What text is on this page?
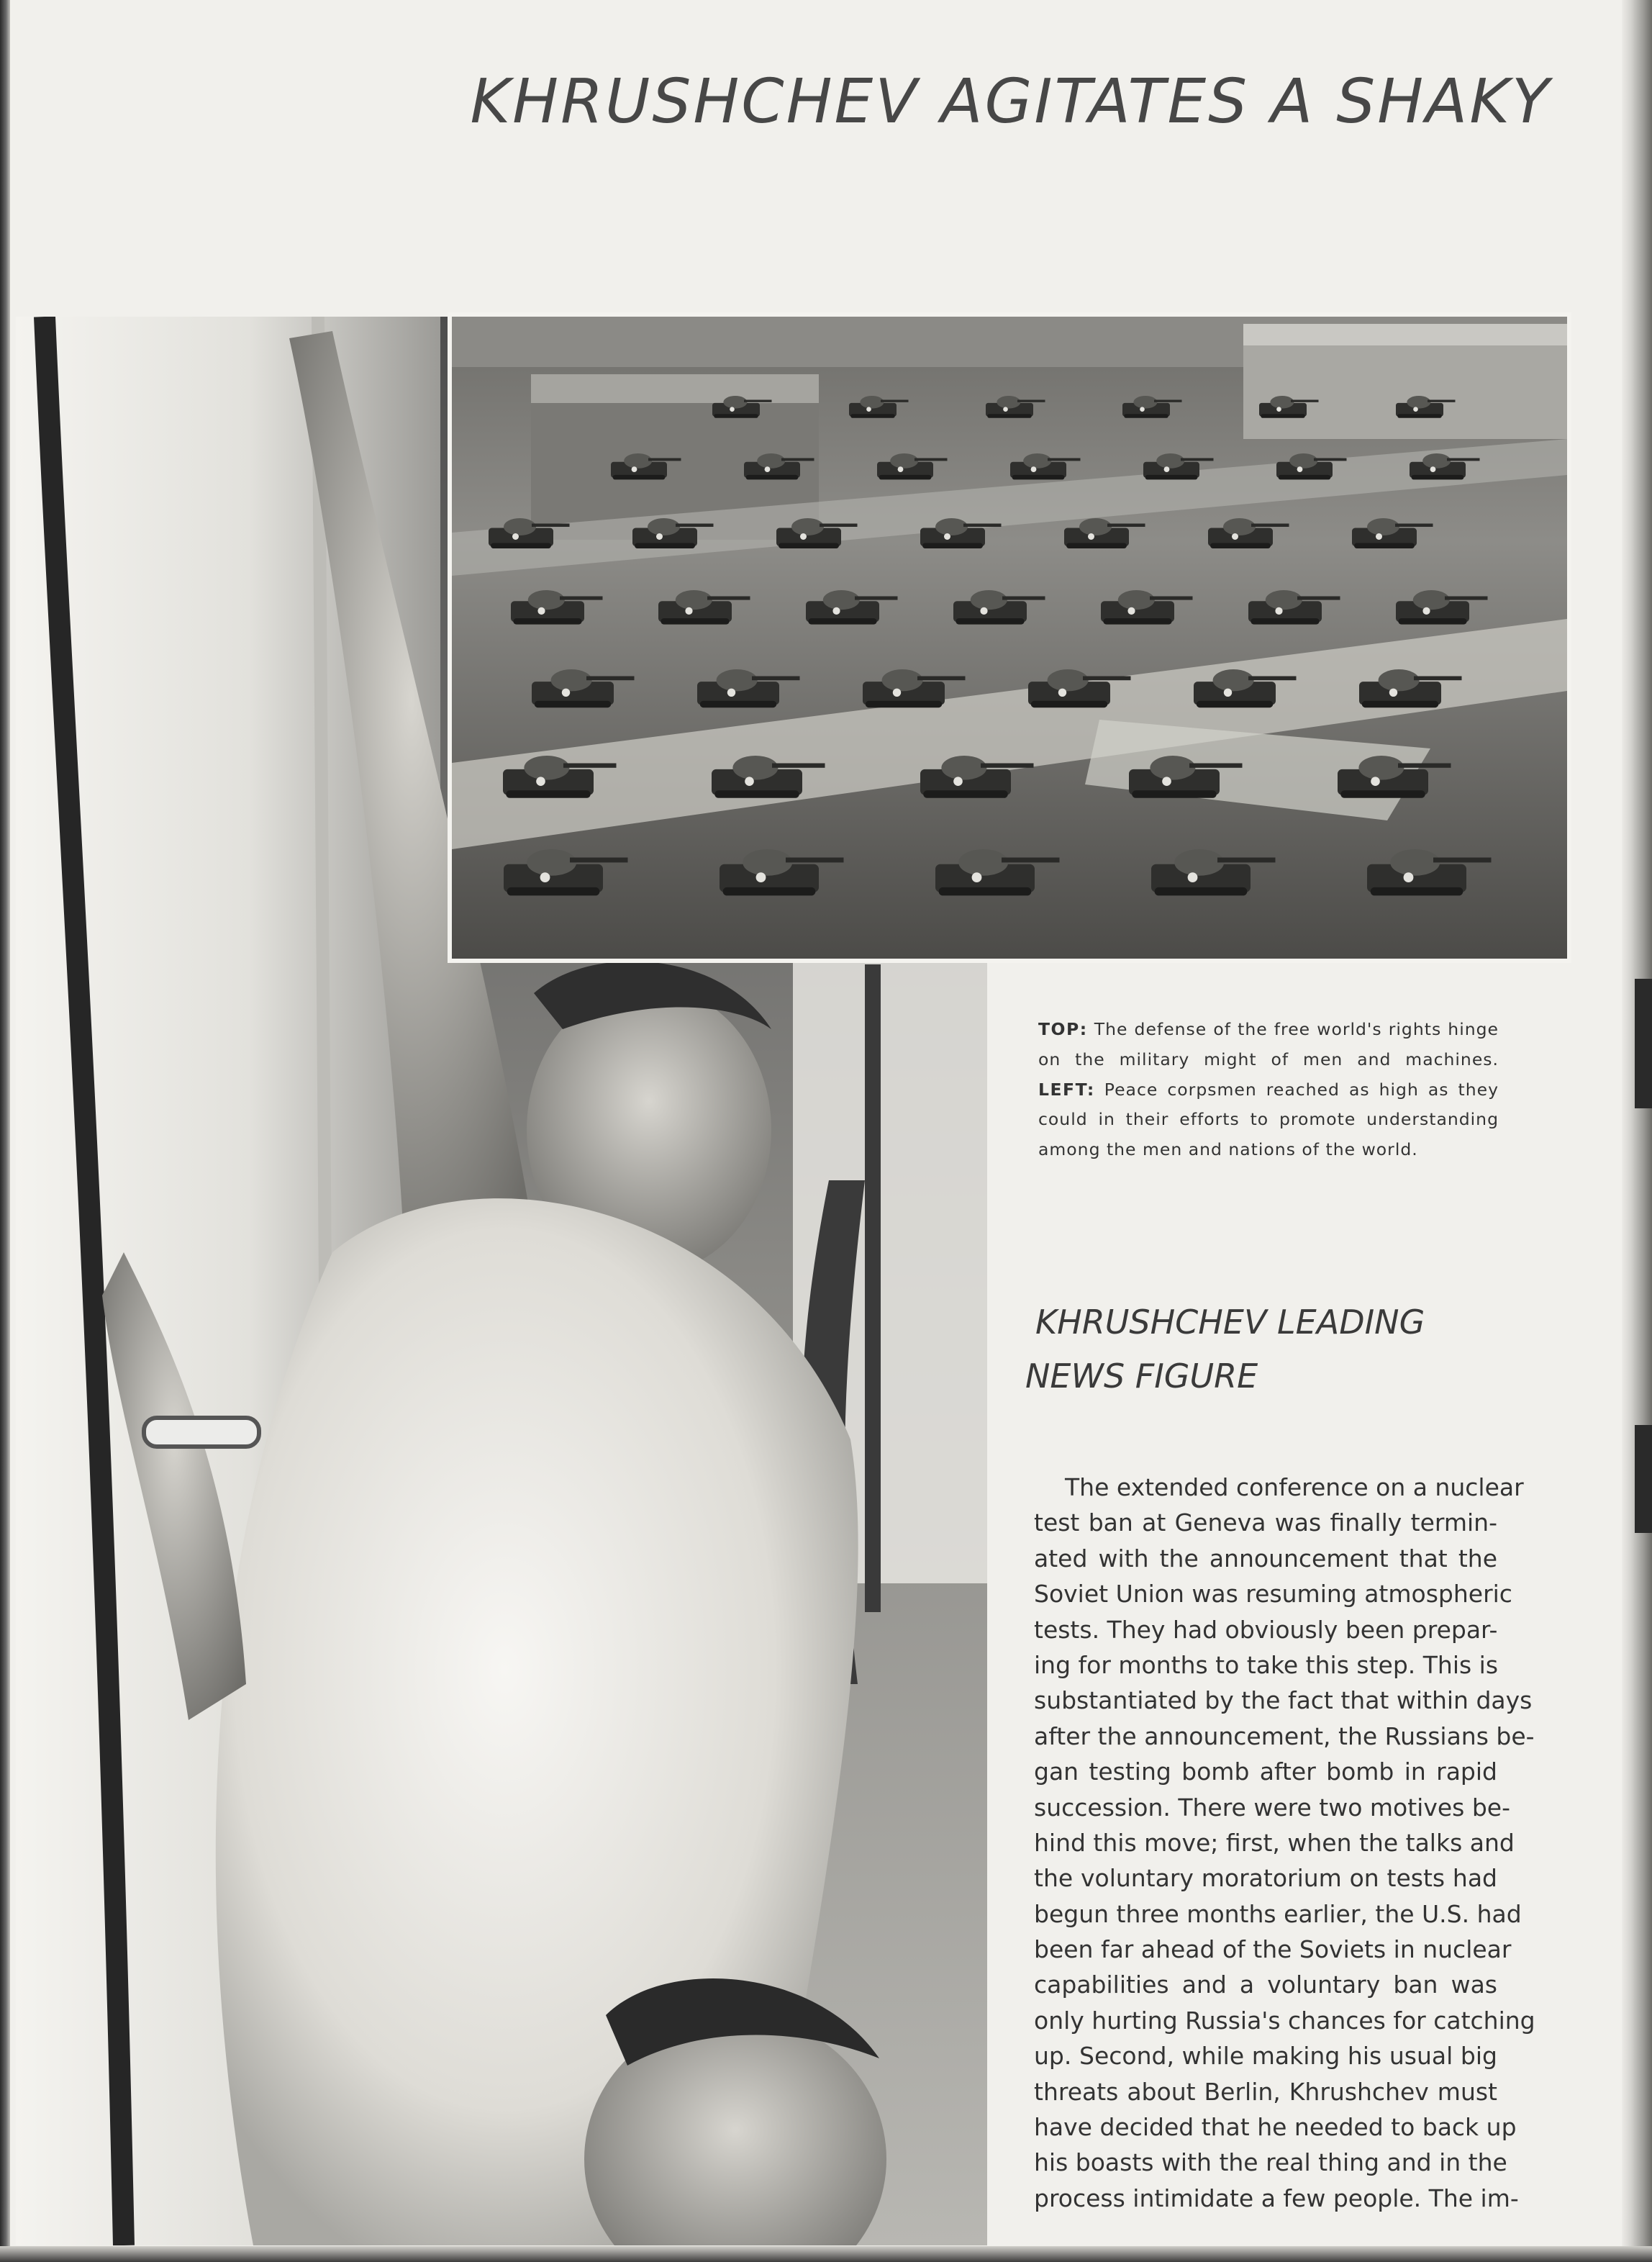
KHRUSHCHEV AGITATES A SHAKY

TOP: The defense of the free world's rights hinge on the military might of men and machines. LEFT: Peace corpsmen reached as high as they could in their efforts to promote understanding among the men and nations of the world.

KHRUSHCHEV LEADING
NEWS FIGURE
The extended conference on a nuclear
test ban at Geneva was finally termin-
ated with the announcement that the
Soviet Union was resuming atmospheric
tests. They had obviously been prepar-
ing for months to take this step. This is
substantiated by the fact that within days
after the announcement, the Russians be-
gan testing bomb after bomb in rapid
succession. There were two motives be-
hind this move; first, when the talks and
the voluntary moratorium on tests had
begun three months earlier, the U.S. had
been far ahead of the Soviets in nuclear
capabilities and a voluntary ban was
only hurting Russia's chances for catching
up. Second, while making his usual big
threats about Berlin, Khrushchev must
have decided that he needed to back up
his boasts with the real thing and in the
process intimidate a few people. The im-
